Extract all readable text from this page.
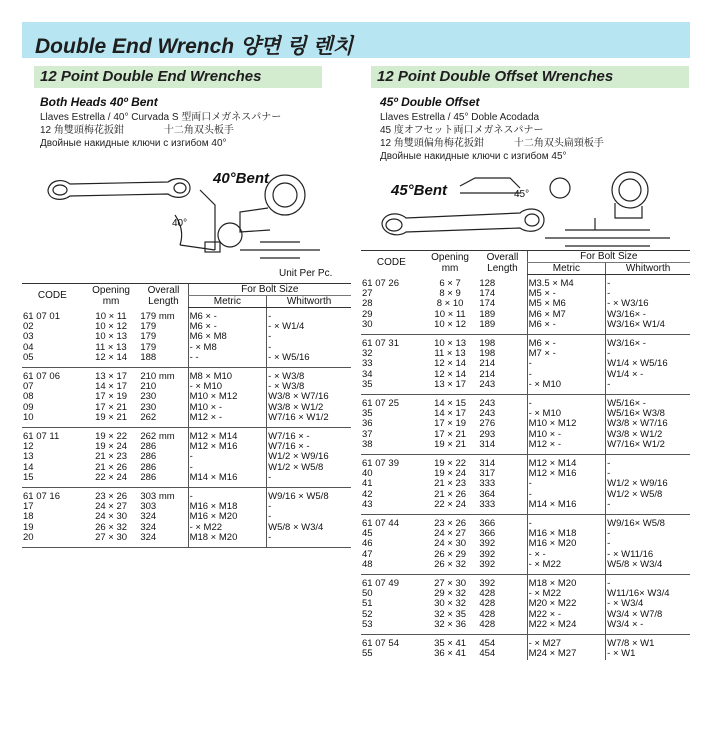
Double End Wrench 양면 링 렌치
12 Point Double End Wrenches
Both Heads 40º Bent
Llaves Estrella / 40° Curvada S 型両口メガネスパナー
12 角雙頭梅花扳鉗　　　　十二角双头板手
Двойные накидные ключи с изгибом 40°
40°Bent
40°
Unit Per Pc.
CODE	Opening mm	Overall Length	For Bolt Size	
			Metric	Whitworth
61 07 01	10 × 11	179 mm	M6 × -	-
02	10 × 12	179	M6 × -	- × W1/4
03	10 × 13	179	M6 × M8	-
04	11 × 13	179	- × M8	-
05	12 × 14	188	- -	- × W5/16
61 07 06	13 × 17	210 mm	M8 × M10	- × W3/8
07	14 × 17	210	- × M10	- × W3/8
08	17 × 19	230	M10 × M12	W3/8 × W7/16
09	17 × 21	230	M10 × -	W3/8 × W1/2
10	19 × 21	262	M12 × -	W7/16 × W1/2
61 07 11	19 × 22	262 mm	M12 × M14	W7/16 × -
12	19 × 24	286	M12 × M16	W7/16 × -
13	21 × 23	286	-	W1/2 × W9/16
14	21 × 26	286	-	W1/2 × W5/8
15	22 × 24	286	M14 × M16	-
61 07 16	23 × 26	303 mm	-	W9/16 × W5/8
17	24 × 27	303	M16 × M18	-
18	24 × 30	324	M16 × M20	-
19	26 × 32	324	- × M22	W5/8 × W3/4
20	27 × 30	324	M18 × M20	-
12 Point Double Offset Wrenches
45º Double Offset
Llaves Estrella / 45° Doble Acodada
45 度オフセット両口メガネスパナー
12 角雙頭偏角梅花扳鉗　　　十二角双头扁頸板手
Двойные накидные ключи с изгибом 45°
45°Bent	45°
CODE	Opening mm	Overall Length	For Bolt Size	
			Metric	Whitworth
61 07 26	6 × 7	128	M3.5 × M4	-
27	8 × 9	174	M5 × -	-
28	8 × 10	174	M5 × M6	- × W3/16
29	10 × 11	189	M6 × M7	W3/16× -
30	10 × 12	189	M6 × -	W3/16× W1/4
61 07 31	10 × 13	198	M6 × -	W3/16× -
32	11 × 13	198	M7 × -	-
33	12 × 14	214	-	W1/4 × W5/16
34	12 × 14	214	-	W1/4 × -
35	13 × 17	243	- × M10	-
61 07 25	14 × 15	243	-	W5/16× -
35	14 × 17	243	- × M10	W5/16× W3/8
36	17 × 19	276	M10 × M12	W3/8 × W7/16
37	17 × 21	293	M10 × -	W3/8 × W1/2
38	19 × 21	314	M12 × -	W7/16× W1/2
61 07 39	19 × 22	314	M12 × M14	-
40	19 × 24	317	M12 × M16	-
41	21 × 23	333	-	W1/2 × W9/16
42	21 × 26	364	-	W1/2 × W5/8
43	22 × 24	333	M14 × M16	-
61 07 44	23 × 26	366	-	W9/16× W5/8
45	24 × 27	366	M16 × M18	-
46	24 × 30	392	M16 × M20	-
47	26 × 29	392	- × -	- × W11/16
48	26 × 32	392	- × M22	W5/8 × W3/4
61 07 49	27 × 30	392	M18 × M20	-
50	29 × 32	428	- × M22	W11/16× W3/4
51	30 × 32	428	M20 × M22	- × W3/4
52	32 × 35	428	M22 × -	W3/4 × W7/8
53	32 × 36	428	M22 × M24	W3/4 × -
61 07 54	35 × 41	454	- × M27	W7/8 × W1
55	36 × 41	454	M24 × M27	- × W1
